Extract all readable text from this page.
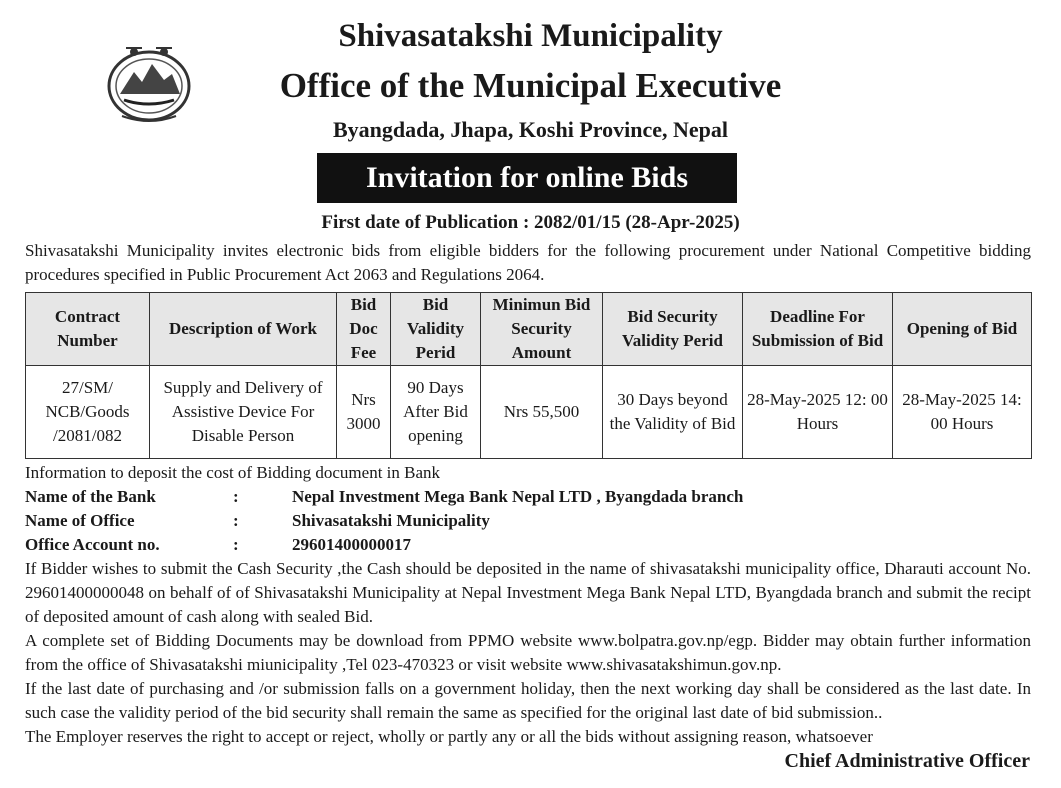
Shivasatakshi Municipality
Office of the Municipal Executive
Byangdada, Jhapa, Koshi Province, Nepal
Invitation for online Bids
First date of Publication : 2082/01/15 (28-Apr-2025)
Shivasatakshi Municipality invites electronic bids from eligible bidders for the following procurement under National Competitive bidding procedures specified in Public Procurement Act 2063 and Regulations 2064.
Contract Number	Description of Work	Bid Doc Fee	Bid Validity Perid	Minimun Bid Security Amount	Bid Security Validity Perid	Deadline For Submission of Bid	Opening of Bid
27/SM/ NCB/Goods /2081/082	Supply and Delivery of Assistive Device For Disable Person	Nrs 3000	90 Days After Bid opening	Nrs 55,500	30 Days beyond the Validity of Bid	28-May-2025 12: 00 Hours	28-May-2025 14: 00 Hours
Information to deposit the cost of Bidding document in Bank
Name of the Bank	:	Nepal Investment Mega Bank Nepal LTD , Byangdada branch
Name of Office	:	Shivasatakshi Municipality
Office Account no.	:	29601400000017
If Bidder wishes to submit the Cash Security ,the Cash should be deposited in the name of shivasatakshi municipality office, Dharauti account No. 29601400000048 on behalf of of Shivasatakshi Municipality at Nepal Investment Mega Bank Nepal LTD, Byangdada branch and submit the recipt of deposited amount of cash along with sealed Bid.
A complete set of Bidding Documents may be download from PPMO website www.bolpatra.gov.np/egp. Bidder may obtain further information from the office of Shivasatakshi miunicipality ,Tel 023-470323 or visit website www.shivasatakshimun.gov.np.
If the last date of purchasing and /or submission falls on a government holiday, then the next working day shall be considered as the last date. In such case the validity period of the bid security shall remain the same as specified for the original last date of bid submission..
The Employer reserves the right to accept or reject, wholly or partly any or all the bids without assigning reason, whatsoever
Chief Administrative Officer
